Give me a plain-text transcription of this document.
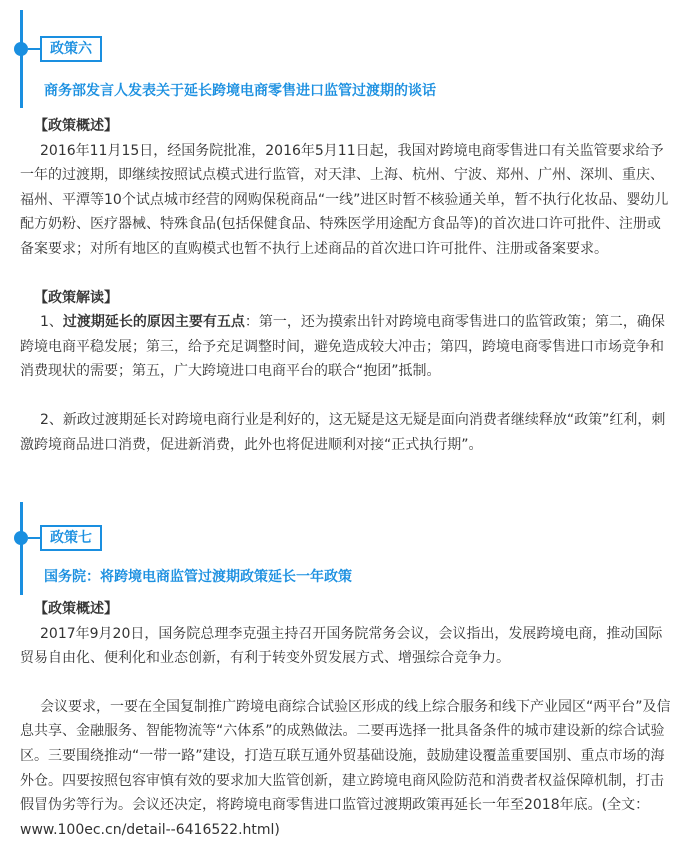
政策六
商务部发言人发表关于延长跨境电商零售进口监管过渡期的谈话

【政策概述】

2016年11月15日，经国务院批准，2016年5月11日起，我国对跨境电商零售进口有关监管要求给予一年的过渡期，即继续按照试点模式进行监管，对天津、上海、杭州、宁波、郑州、广州、深圳、重庆、福州、平潭等10个试点城市经营的网购保税商品“一线”进区时暂不核验通关单，暂不执行化妆品、婴幼儿配方奶粉、医疗器械、特殊食品(包括保健食品、特殊医学用途配方食品等)的首次进口许可批件、注册或备案要求；对所有地区的直购模式也暂不执行上述商品的首次进口许可批件、注册或备案要求。

【政策解读】

1、过渡期延长的原因主要有五点：第一，还为摸索出针对跨境电商零售进口的监管政策；第二，确保跨境电商平稳发展；第三，给予充足调整时间，避免造成较大冲击；第四，跨境电商零售进口市场竞争和消费现状的需要；第五，广大跨境进口电商平台的联合“抱团”抵制。

2、新政过渡期延长对跨境电商行业是利好的，这无疑是这无疑是面向消费者继续释放“政策”红利，刺激跨境商品进口消费，促进新消费，此外也将促进顺利对接“正式执行期”。

政策七
国务院：将跨境电商监管过渡期政策延长一年政策

【政策概述】

2017年9月20日，国务院总理李克强主持召开国务院常务会议，会议指出，发展跨境电商，推动国际贸易自由化、便利化和业态创新，有利于转变外贸发展方式、增强综合竞争力。

会议要求，一要在全国复制推广跨境电商综合试验区形成的线上综合服务和线下产业园区“两平台”及信息共享、金融服务、智能物流等“六体系”的成熟做法。二要再选择一批具备条件的城市建设新的综合试验区。三要围绕推动“一带一路”建设，打造互联互通外贸基础设施，鼓励建设覆盖重要国别、重点市场的海外仓。四要按照包容审慎有效的要求加大监管创新，建立跨境电商风险防范和消费者权益保障机制，打击假冒伪劣等行为。会议还决定，将跨境电商零售进口监管过渡期政策再延长一年至2018年底。(全文：www.100ec.cn/detail--6416522.html)
